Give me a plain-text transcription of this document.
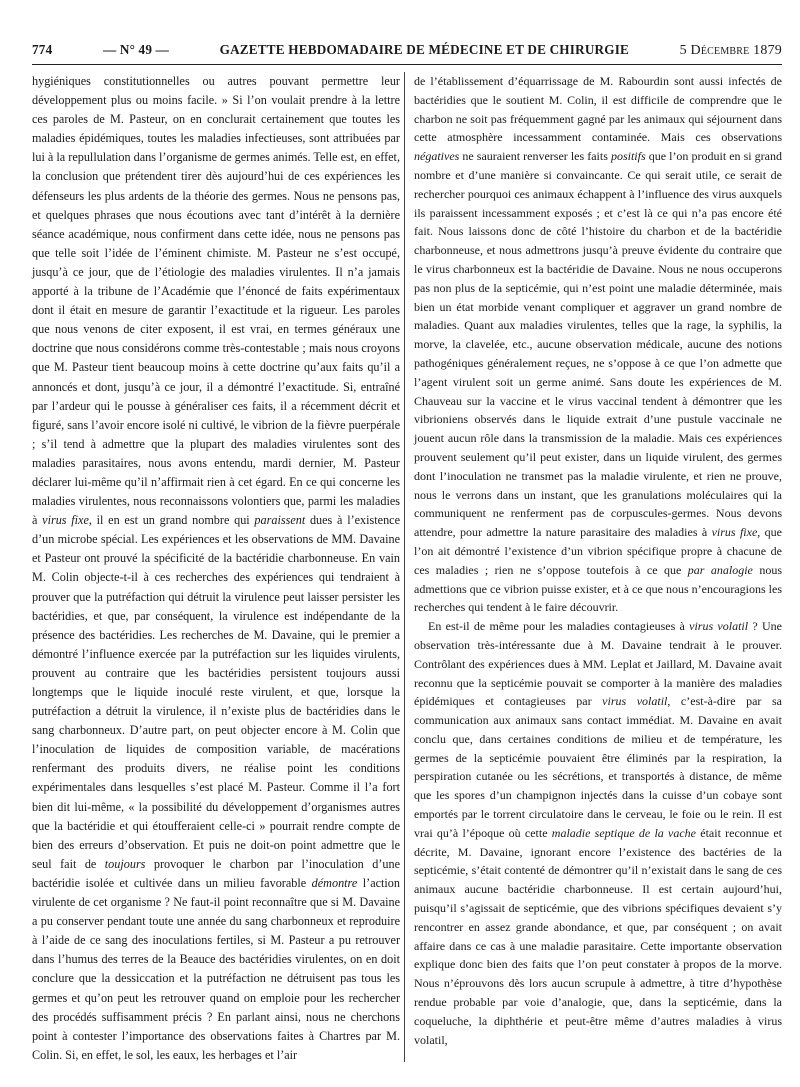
774	— N° 49 —	GAZETTE HEBDOMADAIRE DE MÉDECINE ET DE CHIRURGIE	5 Décembre 1879

hygiéniques constitutionnelles ou autres pouvant permettre leur développement plus ou moins facile. » Si l’on voulait prendre à la lettre ces paroles de M. Pasteur, on en conclurait certainement que toutes les maladies épidémiques, toutes les maladies infectieuses, sont attribuées par lui à la repullulation dans l’organisme de germes animés. Telle est, en effet, la conclusion que prétendent tirer dès aujourd’hui de ces expériences les défenseurs les plus ardents de la théorie des germes. Nous ne pensons pas, et quelques phrases que nous écoutions avec tant d’intérêt à la dernière séance académique, nous confirment dans cette idée, nous ne pensons pas que telle soit l’idée de l’éminent chimiste. M. Pasteur ne s’est occupé, jusqu’à ce jour, que de l’étiologie des maladies virulentes. Il n’a jamais apporté à la tribune de l’Académie que l’énoncé de faits expérimentaux dont il était en mesure de garantir l’exactitude et la rigueur. Les paroles que nous venons de citer exposent, il est vrai, en termes généraux une doctrine que nous considérons comme très-contestable ; mais nous croyons que M. Pasteur tient beaucoup moins à cette doctrine qu’aux faits qu’il a annoncés et dont, jusqu’à ce jour, il a démontré l’exactitude. Si, entraîné par l’ardeur qui le pousse à généraliser ces faits, il a récemment décrit et figuré, sans l’avoir encore isolé ni cultivé, le vibrion de la fièvre puerpérale ; s’il tend à admettre que la plupart des maladies virulentes sont des maladies parasitaires, nous avons entendu, mardi dernier, M. Pasteur déclarer lui-même qu’il n’affirmait rien à cet égard. En ce qui concerne les maladies virulentes, nous reconnaissons volontiers que, parmi les maladies à virus fixe, il en est un grand nombre qui paraissent dues à l’existence d’un microbe spécial. Les expériences et les observations de MM. Davaine et Pasteur ont prouvé la spécificité de la bactéridie charbonneuse. En vain M. Colin objecte-t-il à ces recherches des expériences qui tendraient à prouver que la putréfaction qui détruit la virulence peut laisser persister les bactéridies, et que, par conséquent, la virulence est indépendante de la présence des bactéridies. Les recherches de M. Davaine, qui le premier a démontré l’influence exercée par la putréfaction sur les liquides virulents, prouvent au contraire que les bactéridies persistent toujours aussi longtemps que le liquide inoculé reste virulent, et que, lorsque la putréfaction a détruit la virulence, il n’existe plus de bactéridies dans le sang charbonneux. D’autre part, on peut objecter encore à M. Colin que l’inoculation de liquides de composition variable, de macérations renfermant des produits divers, ne réalise point les conditions expérimentales dans lesquelles s’est placé M. Pasteur. Comme il l’a fort bien dit lui-même, « la possibilité du développement d’organismes autres que la bactéridie et qui étoufferaient celle-ci » pourrait rendre compte de bien des erreurs d’observation. Et puis ne doit-on point admettre que le seul fait de toujours provoquer le charbon par l’inoculation d’une bactéridie isolée et cultivée dans un milieu favorable démontre l’action virulente de cet organisme ? Ne faut-il point reconnaître que si M. Davaine a pu conserver pendant toute une année du sang charbonneux et reproduire à l’aide de ce sang des inoculations fertiles, si M. Pasteur a pu retrouver dans l’humus des terres de la Beauce des bactéridies virulentes, on en doit conclure que la dessiccation et la putréfaction ne détruisent pas tous les germes et qu’on peut les retrouver quand on emploie pour les rechercher des procédés suffisamment précis ? En parlant ainsi, nous ne cherchons point à contester l’importance des observations faites à Chartres par M. Colin. Si, en effet, le sol, les eaux, les herbages et l’air

de l’établissement d’équarrissage de M. Rabourdin sont aussi infectés de bactéridies que le soutient M. Colin, il est difficile de comprendre que le charbon ne soit pas fréquemment gagné par les animaux qui séjournent dans cette atmosphère incessamment contaminée. Mais ces observations négatives ne sauraient renverser les faits positifs que l’on produit en si grand nombre et d’une manière si convaincante. Ce qui serait utile, ce serait de rechercher pourquoi ces animaux échappent à l’influence des virus auxquels ils paraissent incessamment exposés ; et c’est là ce qui n’a pas encore été fait. Nous laissons donc de côté l’histoire du charbon et de la bactéridie charbonneuse, et nous admettrons jusqu’à preuve évidente du contraire que le virus charbonneux est la bactéridie de Davaine. Nous ne nous occuperons pas non plus de la septicémie, qui n’est point une maladie déterminée, mais bien un état morbide venant compliquer et aggraver un grand nombre de maladies. Quant aux maladies virulentes, telles que la rage, la syphilis, la morve, la clavelée, etc., aucune observation médicale, aucune des notions pathogéniques généralement reçues, ne s’oppose à ce que l’on admette que l’agent virulent soit un germe animé. Sans doute les expériences de M. Chauveau sur la vaccine et le virus vaccinal tendent à démontrer que les vibrioniens observés dans le liquide extrait d’une pustule vaccinale ne jouent aucun rôle dans la transmission de la maladie. Mais ces expériences prouvent seulement qu’il peut exister, dans un liquide virulent, des germes dont l’inoculation ne transmet pas la maladie virulente, et rien ne prouve, nous le verrons dans un instant, que les granulations moléculaires qui la communiquent ne renferment pas de corpuscules-germes. Nous devons attendre, pour admettre la nature parasitaire des maladies à virus fixe, que l’on ait démontré l’existence d’un vibrion spécifique propre à chacune de ces maladies ; rien ne s’oppose toutefois à ce que par analogie nous admettions que ce vibrion puisse exister, et à ce que nous n’encouragions les recherches qui tendent à le faire découvrir.

En est-il de même pour les maladies contagieuses à virus volatil ? Une observation très-intéressante due à M. Davaine tendrait à le prouver. Contrôlant des expériences dues à MM. Leplat et Jaillard, M. Davaine avait reconnu que la septicémie pouvait se comporter à la manière des maladies épidémiques et contagieuses par virus volatil, c’est-à-dire par sa communication aux animaux sans contact immédiat. M. Davaine en avait conclu que, dans certaines conditions de milieu et de température, les germes de la septicémie pouvaient être éliminés par la respiration, la perspiration cutanée ou les sécrétions, et transportés à distance, de même que les spores d’un champignon injectés dans la cuisse d’un cobaye sont emportés par le torrent circulatoire dans le cerveau, le foie ou le rein. Il est vrai qu’à l’époque où cette maladie septique de la vache était reconnue et décrite, M. Davaine, ignorant encore l’existence des bactéries de la septicémie, s’était contenté de démontrer qu’il n’existait dans le sang de ces animaux aucune bactéridie charbonneuse. Il est certain aujourd’hui, puisqu’il s’agissait de septicémie, que des vibrions spécifiques devaient s’y rencontrer en assez grande abondance, et que, par conséquent ; on avait affaire dans ce cas à une maladie parasitaire. Cette importante observation explique donc bien des faits que l’on peut constater à propos de la morve. Nous n’éprouvons dès lors aucun scrupule à admettre, à titre d’hypothèse rendue probable par voie d’analogie, que, dans la septicémie, dans la coqueluche, la diphthérie et peut-être même d’autres maladies à virus volatil,
